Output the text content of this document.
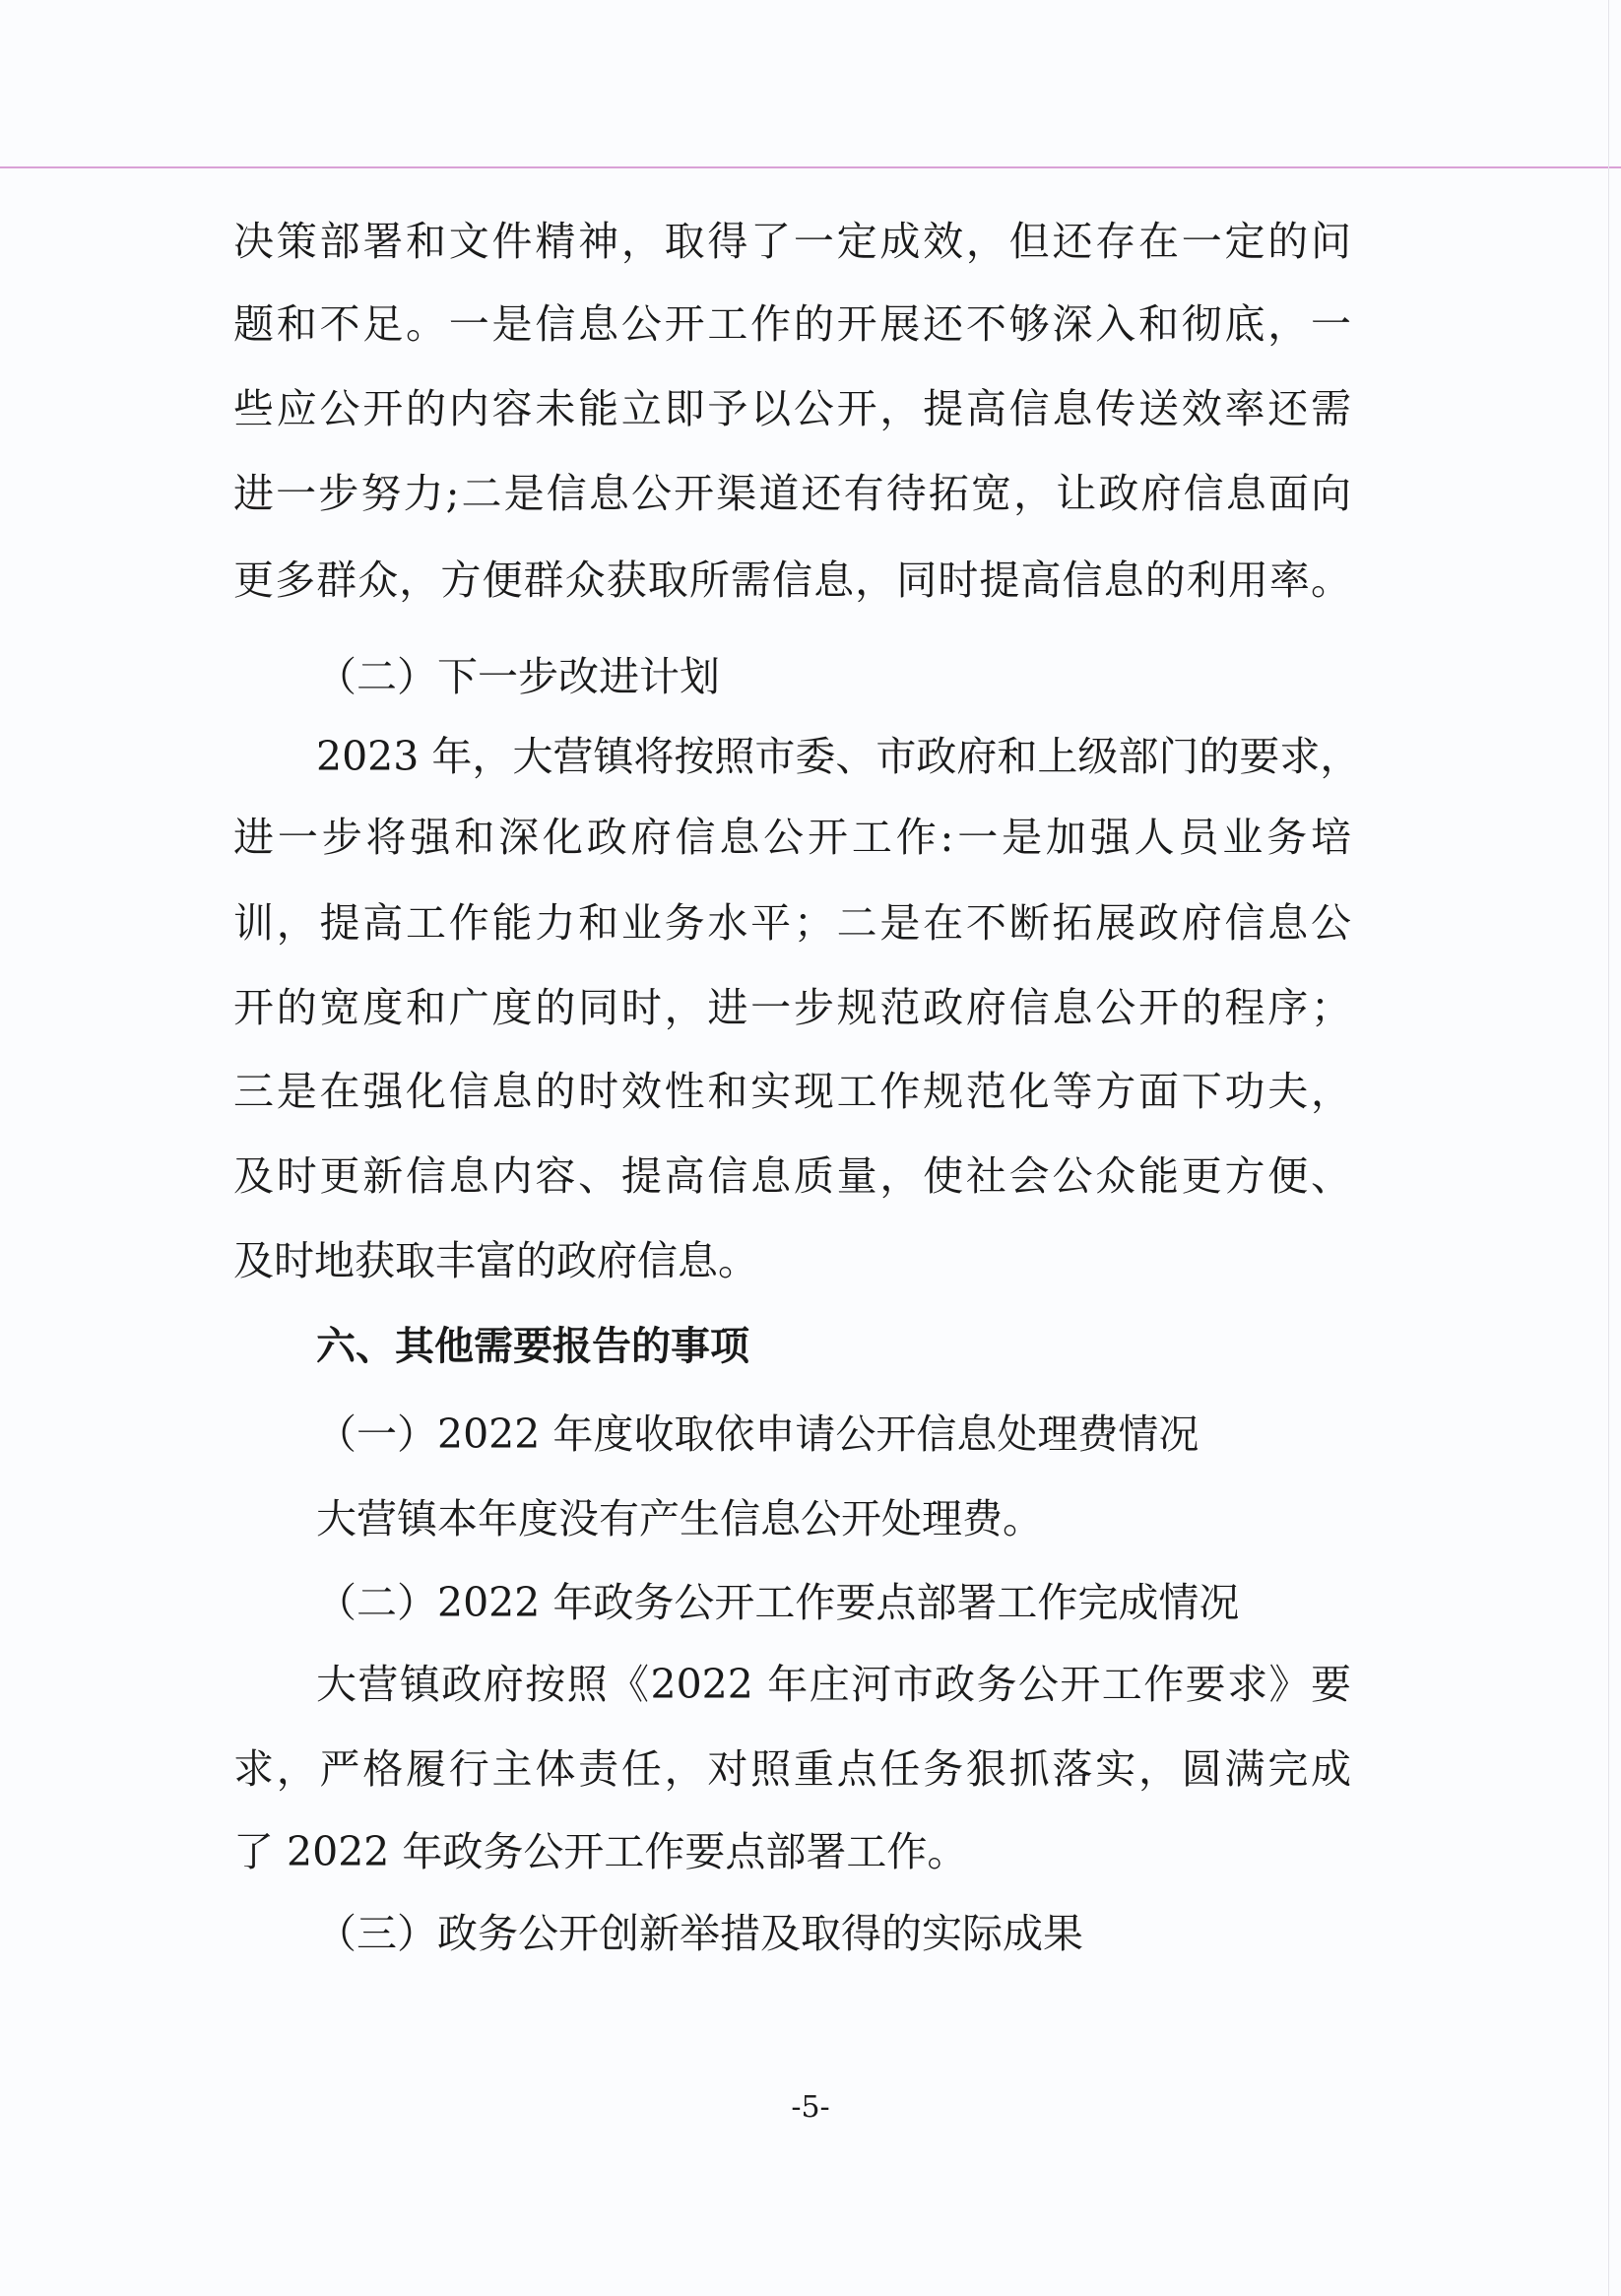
决策部署和文件精神，取得了一定成效，但还存在一定的问
题和不足。一是信息公开工作的开展还不够深入和彻底，一
些应公开的内容未能立即予以公开，提高信息传送效率还需
进一步努力;二是信息公开渠道还有待拓宽，让政府信息面向
更多群众，方便群众获取所需信息，同时提高信息的利用率。
（二）下一步改进计划
2023 年，大营镇将按照市委、市政府和上级部门的要求，
进一步将强和深化政府信息公开工作:一是加强人员业务培
训，提高工作能力和业务水平；二是在不断拓展政府信息公
开的宽度和广度的同时，进一步规范政府信息公开的程序；
三是在强化信息的时效性和实现工作规范化等方面下功夫，
及时更新信息内容、提高信息质量，使社会公众能更方便、
及时地获取丰富的政府信息。
六、其他需要报告的事项
（一）2022 年度收取依申请公开信息处理费情况
大营镇本年度没有产生信息公开处理费。
（二）2022 年政务公开工作要点部署工作完成情况
大营镇政府按照《2022 年庄河市政务公开工作要求》要
求，严格履行主体责任，对照重点任务狠抓落实，圆满完成
了 2022 年政务公开工作要点部署工作。
（三）政务公开创新举措及取得的实际成果
-5-
